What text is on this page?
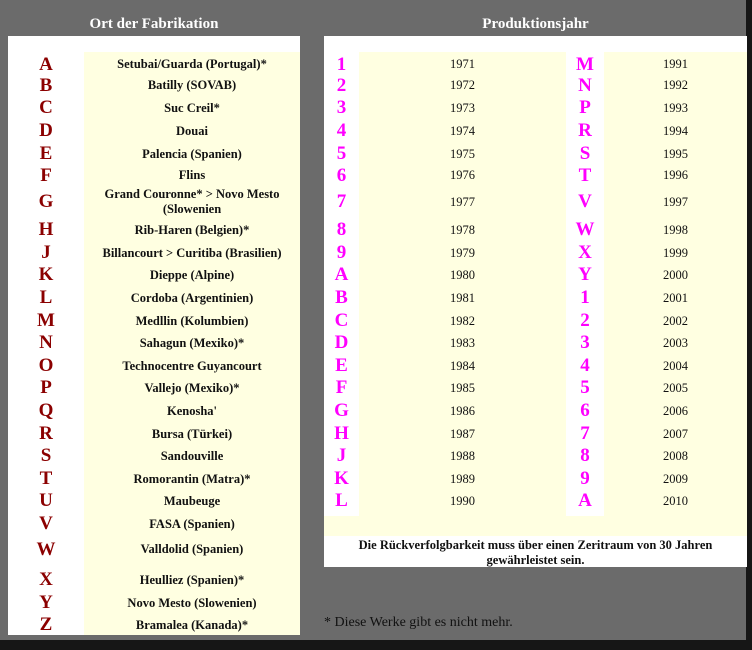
Ort der Fabrikation	Produktionsjahr
A	Setubai/Guarda (Portugal)*
B	Batilly (SOVAB)
C	Suc Creil*
D	Douai
E	Palencia (Spanien)
F	Flins
G	Grand Couronne* > Novo Mesto (Slowenien
H	Rib-Haren (Belgien)*
J	Billancourt > Curitiba (Brasilien)
K	Dieppe (Alpine)
L	Cordoba (Argentinien)
M	Medllin (Kolumbien)
N	Sahagun (Mexiko)*
O	Technocentre Guyancourt
P	Vallejo (Mexiko)*
Q	Kenosha'
R	Bursa (Türkei)
S	Sandouville
T	Romorantin (Matra)*
U	Maubeuge
V	FASA (Spanien)
W	Valldolid (Spanien)
X	Heulliez (Spanien)*
Y	Novo Mesto (Slowenien)
Z	Bramalea (Kanada)*
1	1971	M	1991
2	1972	N	1992
3	1973	P	1993
4	1974	R	1994
5	1975	S	1995
6	1976	T	1996
7	1977	V	1997
8	1978	W	1998
9	1979	X	1999
A	1980	Y	2000
B	1981	1	2001
C	1982	2	2002
D	1983	3	2003
E	1984	4	2004
F	1985	5	2005
G	1986	6	2006
H	1987	7	2007
J	1988	8	2008
K	1989	9	2009
L	1990	A	2010
Die Rückverfolgbarkeit muss über einen Zeritraum von 30 Jahren gewährleistet sein.
* Diese Werke gibt es nicht mehr.
